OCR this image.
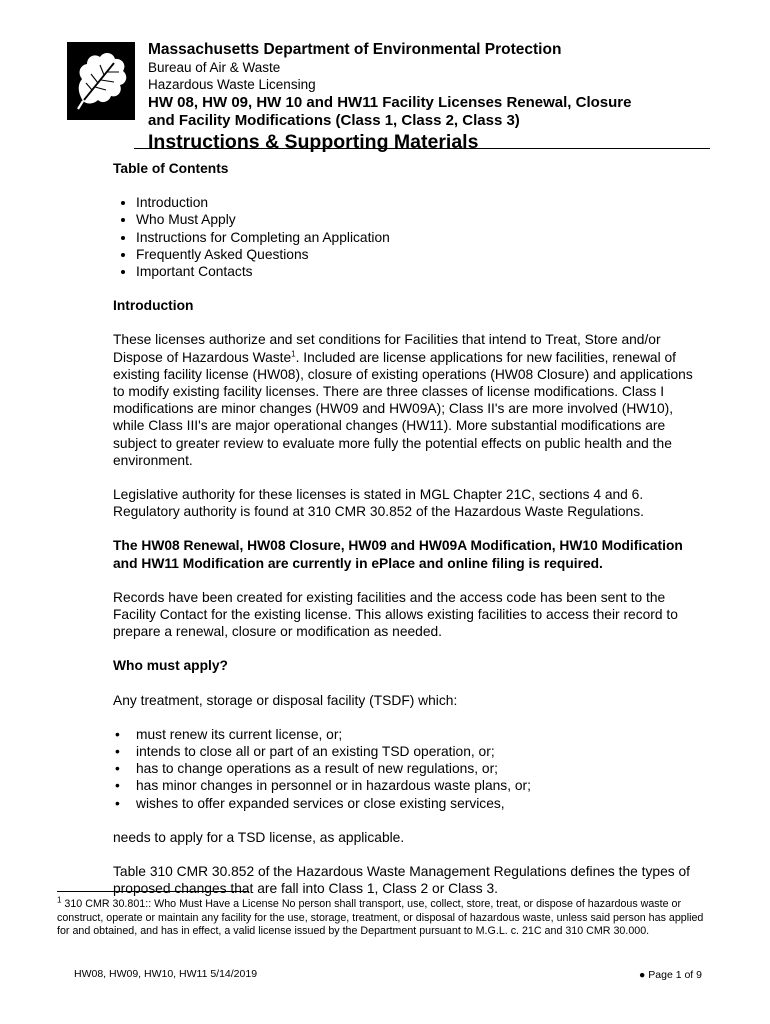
Massachusetts Department of Environmental Protection
Bureau of Air & Waste
Hazardous Waste Licensing
HW 08, HW 09, HW 10 and HW11 Facility Licenses Renewal, Closure
and Facility Modifications (Class 1, Class 2, Class 3)
Instructions & Supporting Materials

Table of Contents

• Introduction
• Who Must Apply
• Instructions for Completing an Application
• Frequently Asked Questions
• Important Contacts

Introduction

These licenses authorize and set conditions for Facilities that intend to Treat, Store and/or Dispose of Hazardous Waste$^1$. Included are license applications for new facilities, renewal of existing facility license (HW08), closure of existing operations (HW08 Closure) and applications to modify existing facility licenses. There are three classes of license modifications. Class I modifications are minor changes (HW09 and HW09A); Class II's are more involved (HW10), while Class III's are major operational changes (HW11). More substantial modifications are subject to greater review to evaluate more fully the potential effects on public health and the environment.

Legislative authority for these licenses is stated in MGL Chapter 21C, sections 4 and 6. Regulatory authority is found at 310 CMR 30.852 of the Hazardous Waste Regulations.

The HW08 Renewal, HW08 Closure, HW09 and HW09A Modification, HW10 Modification and HW11 Modification are currently in ePlace and online filing is required.

Records have been created for existing facilities and the access code has been sent to the Facility Contact for the existing license. This allows existing facilities to access their record to prepare a renewal, closure or modification as needed.

Who must apply?

Any treatment, storage or disposal facility (TSDF) which:

• must renew its current license, or;
• intends to close all or part of an existing TSD operation, or;
• has to change operations as a result of new regulations, or;
• has minor changes in personnel or in hazardous waste plans, or;
• wishes to offer expanded services or close existing services,

needs to apply for a TSD license, as applicable.

Table 310 CMR 30.852 of the Hazardous Waste Management Regulations defines the types of proposed changes that are fall into Class 1, Class 2 or Class 3.

$^1$ 310 CMR 30.801:: Who Must Have a License No person shall transport, use, collect, store, treat, or dispose of hazardous waste or construct, operate or maintain any facility for the use, storage, treatment, or disposal of hazardous waste, unless said person has applied for and obtained, and has in effect, a valid license issued by the Department pursuant to M.G.L. c. 21C and 310 CMR 30.000.
HW08, HW09, HW10, HW11 5/14/2019	● Page 1 of 9
